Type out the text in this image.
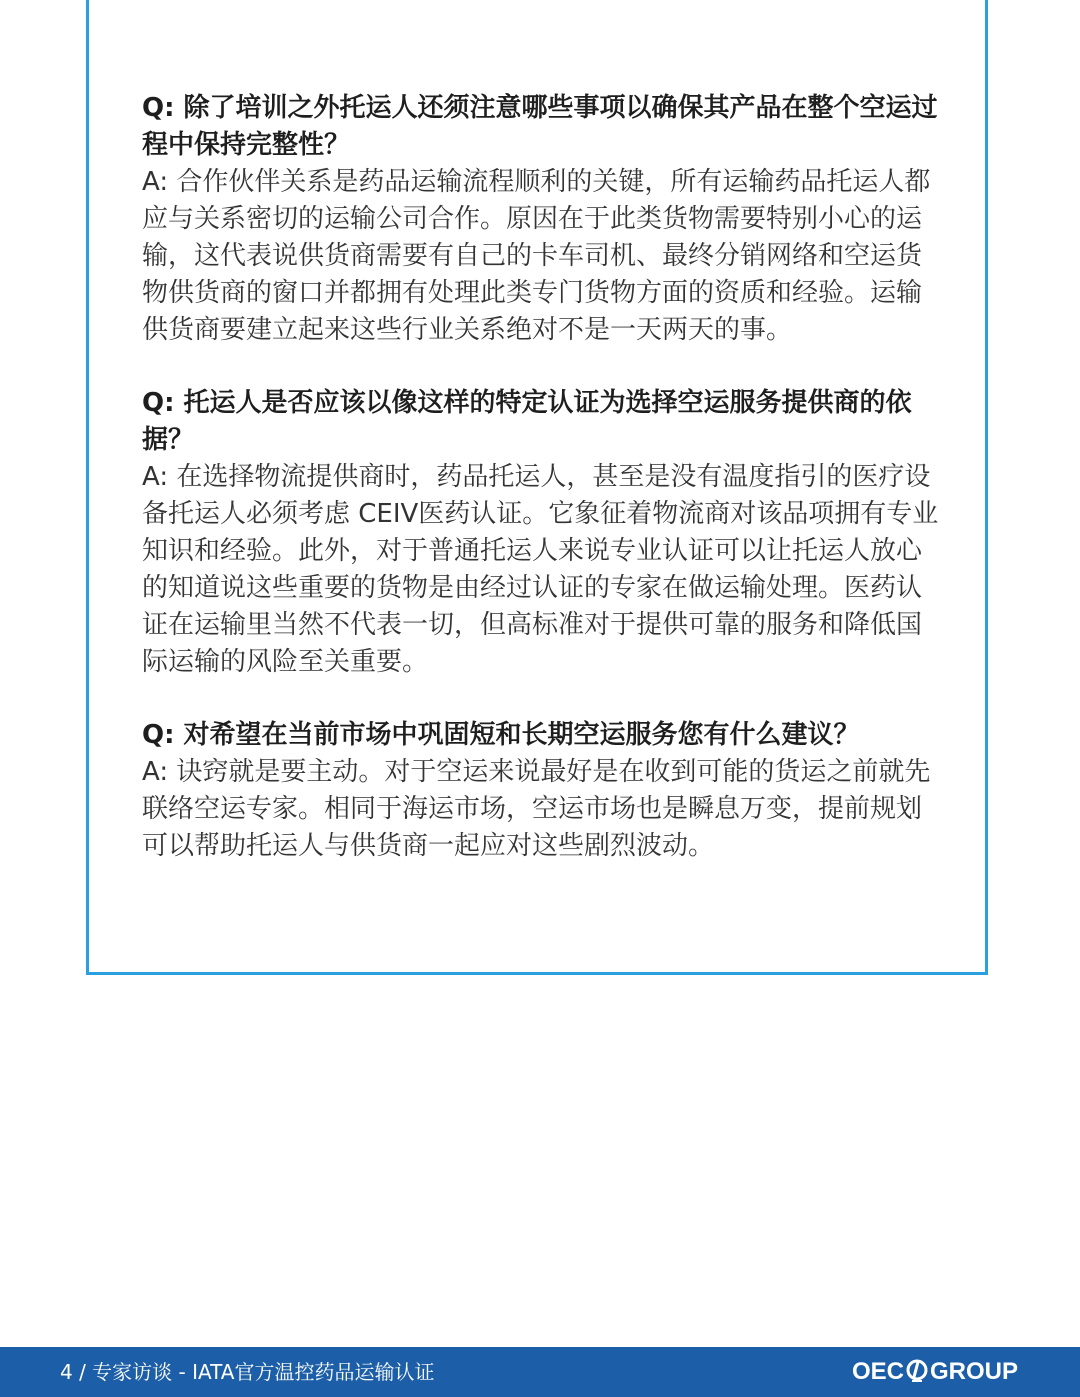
Q: 除了培训之外托运人还须注意哪些事项以确保其产品在整个空运过程中保持完整性？

A: 合作伙伴关系是药品运输流程顺利的关键，所有运输药品托运人都应与关系密切的运输公司合作。原因在于此类货物需要特别小心的运输，这代表说供货商需要有自己的卡车司机、最终分销网络和空运货物供货商的窗口并都拥有处理此类专门货物方面的资质和经验。运输供货商要建立起来这些行业关系绝对不是一天两天的事。

Q: 托运人是否应该以像这样的特定认证为选择空运服务提供商的依据？

A: 在选择物流提供商时，药品托运人，甚至是没有温度指引的医疗设备托运人必须考虑 CEIV医药认证。它象征着物流商对该品项拥有专业知识和经验。此外，对于普通托运人来说专业认证可以让托运人放心的知道说这些重要的货物是由经过认证的专家在做运输处理。医药认证在运输里当然不代表一切，但高标准对于提供可靠的服务和降低国际运输的风险至关重要。

Q: 对希望在当前市场中巩固短和长期空运服务您有什么建议？

A: 诀窍就是要主动。对于空运来说最好是在收到可能的货运之前就先联络空运专家。相同于海运市场，空运市场也是瞬息万变，提前规划可以帮助托运人与供货商一起应对这些剧烈波动。

4 / 专家访谈 - IATA官方温控药品运输认证	OEC GROUP
